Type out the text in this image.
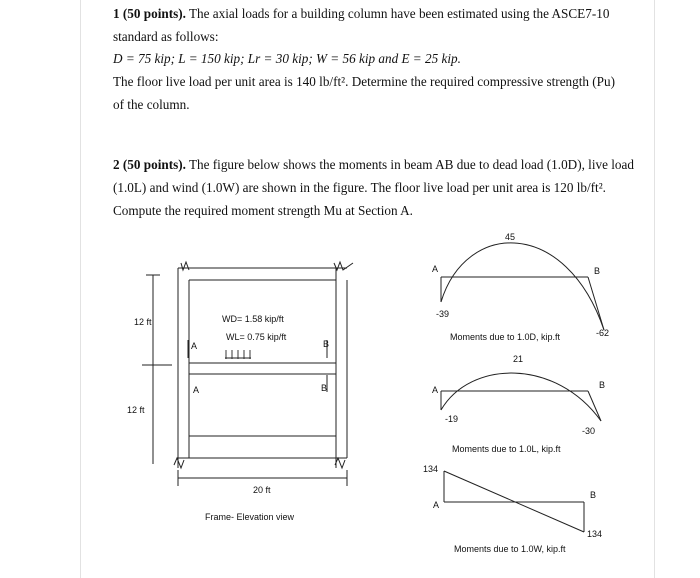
1 (50 points). The axial loads for a building column have been estimated using the ASCE7-10
standard as follows:
D = 75 kip; L = 150 kip; Lr = 30 kip; W = 56 kip and E = 25 kip.
The floor live load per unit area is 140 lb/ft². Determine the required compressive strength (Pu)
of the column.
2 (50 points). The figure below shows the moments in beam AB due to dead load (1.0D), live load
(1.0L) and wind (1.0W) are shown in the figure. The floor live load per unit area is 120 lb/ft².
Compute the required moment strength Mu at Section A.
12 ft
12 ft
20 ft
WD= 1.58 kip/ft
WL= 0.75 kip/ft
A	B
A	B
Frame- Elevation view
45
A	B
-39
-62
Moments due to 1.0D, kip.ft
21
A	B
-19
-30
Moments due to 1.0L, kip.ft
134
A
B
134
Moments due to 1.0W, kip.ft
